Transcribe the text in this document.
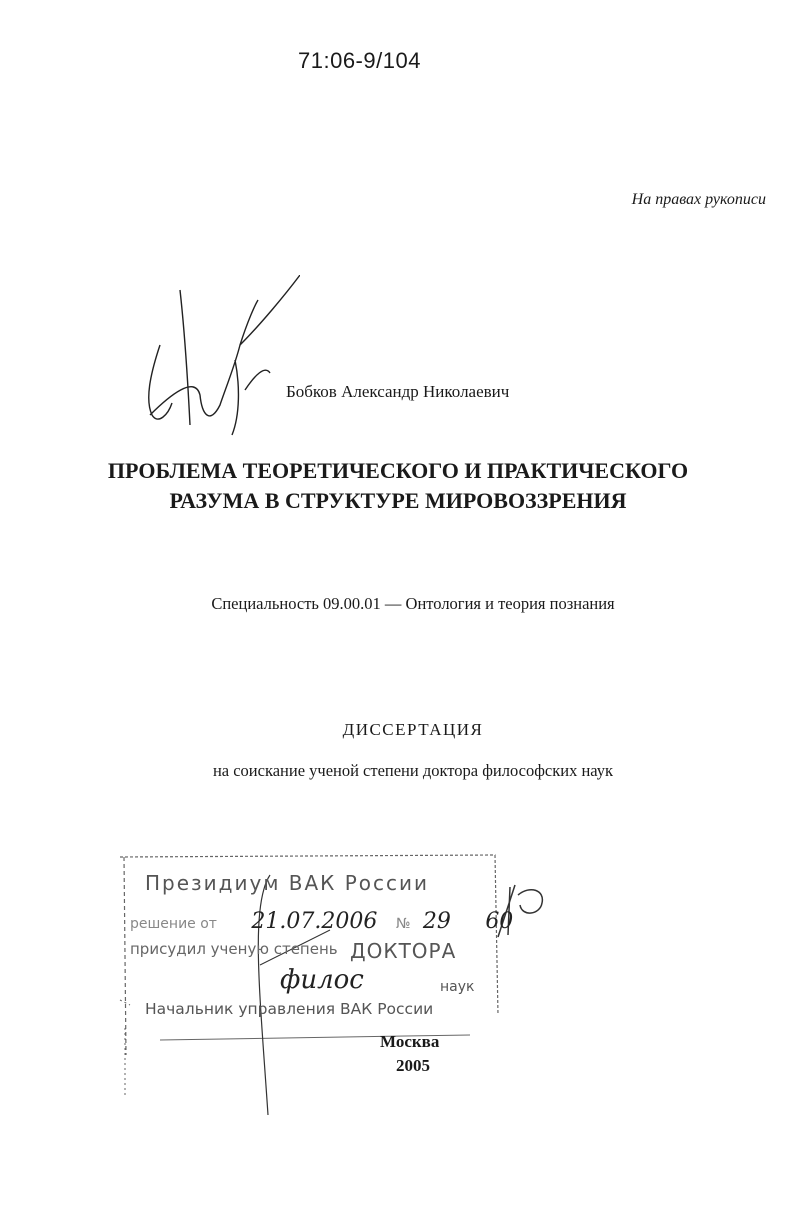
71:06-9/104
На правах рукописи
Бобков Александр Николаевич
ПРОБЛЕМА ТЕОРЕТИЧЕСКОГО И ПРАКТИЧЕСКОГО
РАЗУМА В СТРУКТУРЕ МИРОВОЗЗРЕНИЯ
Специальность 09.00.01 — Онтология и теория познания
ДИССЕРТАЦИЯ
на соискание ученой степени доктора философских наук
Президиум ВАК России
решение от 21.07.2006 № 29 60
присудил ученую степень ДОКТОРА
филос	наук
Начальник управления ВАК России
Москва
2005
